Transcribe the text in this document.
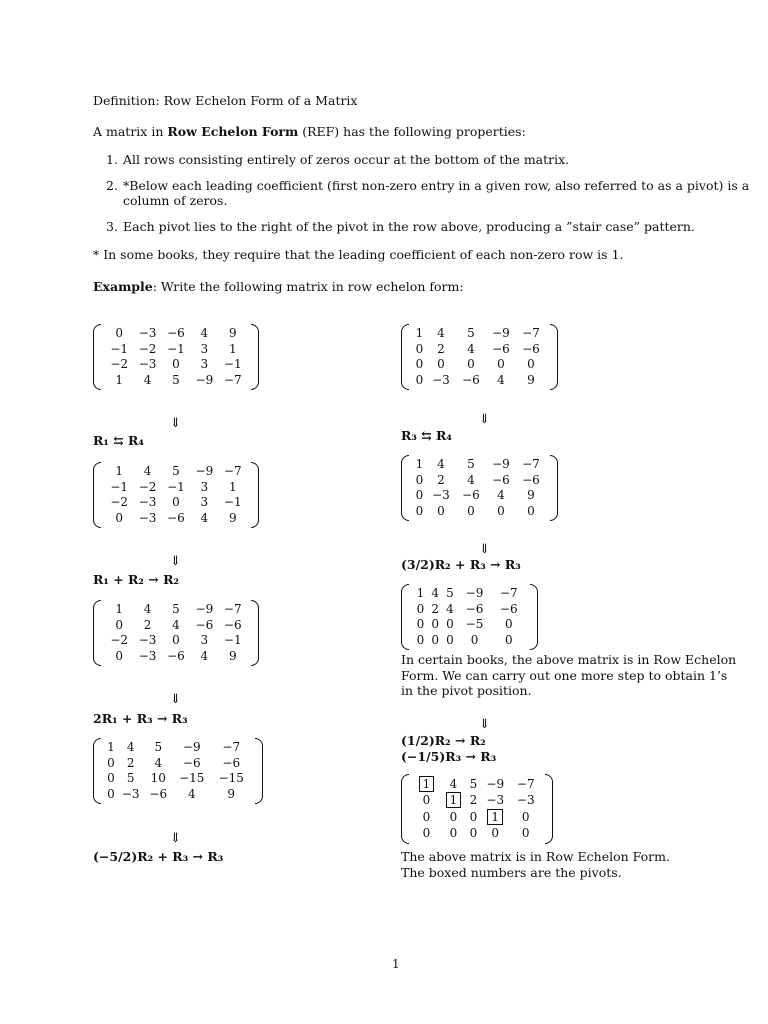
Definition: Row Echelon Form of a Matrix
A matrix in Row Echelon Form (REF) has the following properties:
1. All rows consisting entirely of zeros occur at the bottom of the matrix.
2. *Below each leading coefficient (first non-zero entry in a given row, also referred to as a pivot) is a
column of zeros.
3. Each pivot lies to the right of the pivot in the row above, producing a ”stair case” pattern.
* In some books, they require that the leading coefficient of each non-zero row is 1.
Example: Write the following matrix in row echelon form:
0	−3	−6	4	9
−1	−2	−1	3	1
−2	−3	0	3	−1
1	4	5	−9	−7
⇓
R₁ ⇆ R₄
1	4	5	−9	−7
−1	−2	−1	3	1
−2	−3	0	3	−1
0	−3	−6	4	9
⇓
R₁ + R₂ → R₂
1	4	5	−9	−7
0	2	4	−6	−6
−2	−3	0	3	−1
0	−3	−6	4	9
⇓
2R₁ + R₃ → R₃
1	4	5	−9	−7
0	2	4	−6	−6
0	5	10	−15	−15
0	−3	−6	4	9
⇓
(−5/2)R₂ + R₃ → R₃
1	4	5	−9	−7
0	2	4	−6	−6
0	0	0	0	0
0	−3	−6	4	9
⇓
R₃ ⇆ R₄
1	4	5	−9	−7
0	2	4	−6	−6
0	−3	−6	4	9
0	0	0	0	0
⇓
(3/2)R₂ + R₃ → R₃
1	4	5	−9	−7
0	2	4	−6	−6
0	0	0	−5	0
0	0	0	0	0
In certain books, the above matrix is in Row Echelon
Form. We can carry out one more step to obtain 1’s
in the pivot position.
⇓
(1/2)R₂ → R₂
(−1/5)R₃ → R₃
1	4	5	−9	−7
0	1	2	−3	−3
0	0	0	1	0
0	0	0	0	0
The above matrix is in Row Echelon Form.
The boxed numbers are the pivots.
1
